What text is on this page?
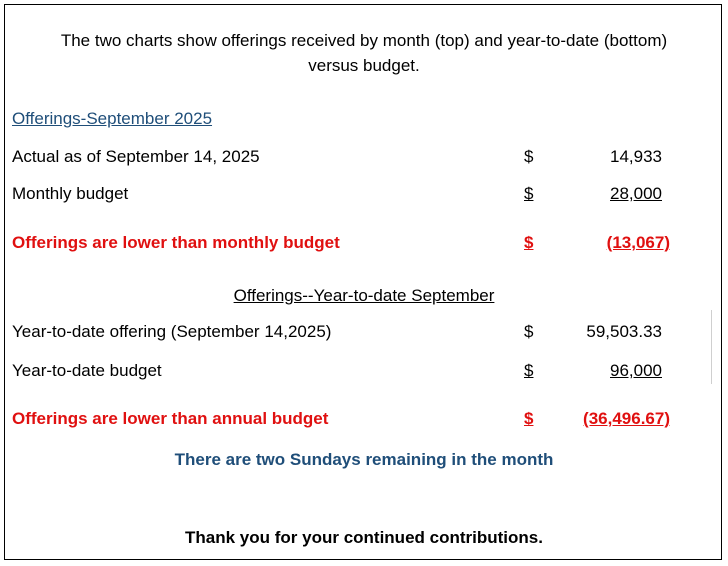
The two charts show offerings received by month (top) and year-to-date (bottom)
versus budget.
Offerings-September 2025
Actual as of September 14, 2025	$	14,933
Monthly budget	$	28,000
Offerings are lower than monthly budget	$	(13,067)
Offerings--Year-to-date September
Year-to-date offering (September 14,2025)	$	59,503.33
Year-to-date budget	$	96,000
Offerings are lower than annual budget	$	(36,496.67)
There are two Sundays remaining in the month
Thank you for your continued contributions.
